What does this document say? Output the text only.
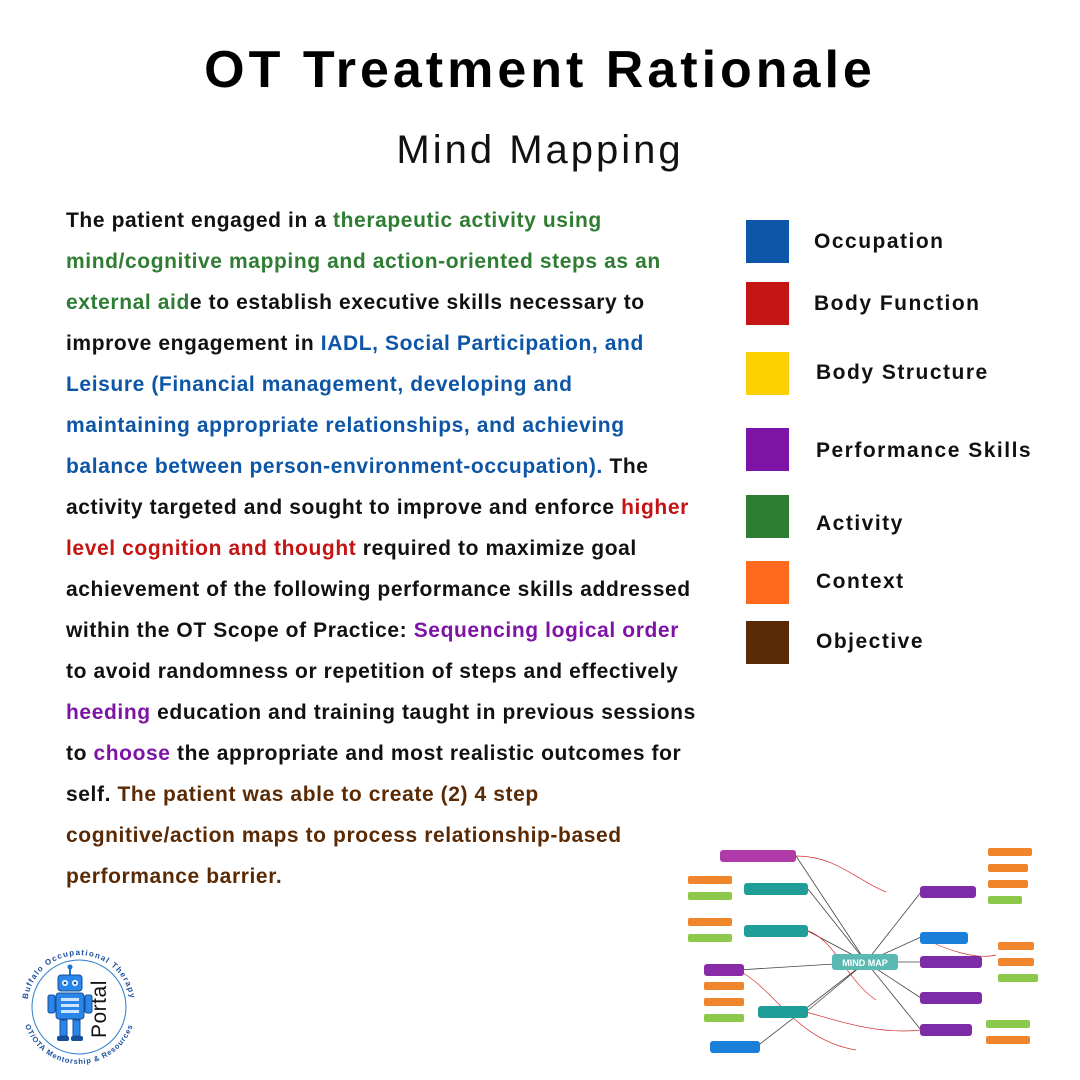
OT Treatment Rationale
Mind Mapping
The patient engaged in a therapeutic activity using mind/cognitive mapping and action-oriented steps as an external aide to establish executive skills necessary to improve engagement in IADL, Social Participation, and Leisure (Financial management, developing and maintaining appropriate relationships, and achieving balance between person-environment-occupation). The activity targeted and sought to improve and enforce higher level cognition and thought required to maximize goal achievement of the following performance skills addressed within the OT Scope of Practice: Sequencing logical order to avoid randomness or repetition of steps and effectively heeding education and training taught in previous sessions to choose the appropriate and most realistic outcomes for self. The patient was able to create (2) 4 step cognitive/action maps to process relationship-based performance barrier.
Occupation
Body Function
Body Structure
Performance Skills
Activity
Context
Objective
Buffalo Occupational Therapy
OT/OTA Mentorship & Resources
Portal
MIND MAP
